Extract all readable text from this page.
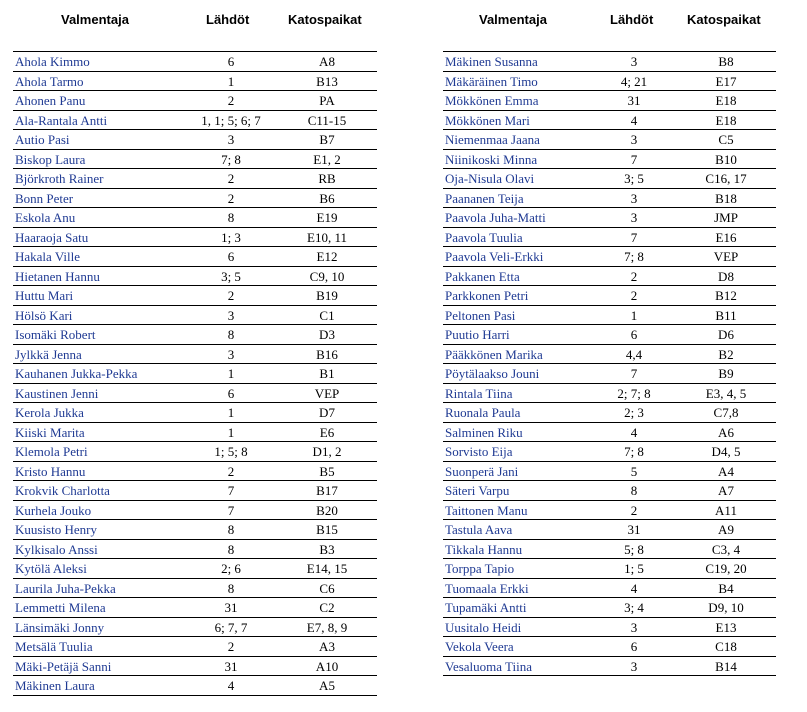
Valmentaja	Lähdöt	Katospaikat
Ahola Kimmo	6	A8
Ahola Tarmo	1	B13
Ahonen Panu	2	PA
Ala-Rantala Antti	1, 1; 5; 6; 7	C11-15
Autio Pasi	3	B7
Biskop Laura	7; 8	E1, 2
Björkroth Rainer	2	RB
Bonn Peter	2	B6
Eskola Anu	8	E19
Haaraoja Satu	1; 3	E10, 11
Hakala Ville	6	E12
Hietanen Hannu	3; 5	C9, 10
Huttu Mari	2	B19
Hölsö Kari	3	C1
Isomäki Robert	8	D3
Jylkkä Jenna	3	B16
Kauhanen Jukka-Pekka	1	B1
Kaustinen Jenni	6	VEP
Kerola Jukka	1	D7
Kiiski Marita	1	E6
Klemola Petri	1; 5; 8	D1, 2
Kristo Hannu	2	B5
Krokvik Charlotta	7	B17
Kurhela Jouko	7	B20
Kuusisto Henry	8	B15
Kylkisalo Anssi	8	B3
Kytölä Aleksi	2; 6	E14, 15
Laurila Juha-Pekka	8	C6
Lemmetti Milena	31	C2
Länsimäki Jonny	6; 7, 7	E7, 8, 9
Metsälä Tuulia	2	A3
Mäki-Petäjä Sanni	31	A10
Mäkinen Laura	4	A5
Valmentaja	Lähdöt	Katospaikat
Mäkinen Susanna	3	B8
Mäkäräinen Timo	4; 21	E17
Mökkönen Emma	31	E18
Mökkönen Mari	4	E18
Niemenmaa Jaana	3	C5
Niinikoski Minna	7	B10
Oja-Nisula Olavi	3; 5	C16, 17
Paananen Teija	3	B18
Paavola Juha-Matti	3	JMP
Paavola Tuulia	7	E16
Paavola Veli-Erkki	7; 8	VEP
Pakkanen Etta	2	D8
Parkkonen Petri	2	B12
Peltonen Pasi	1	B11
Puutio Harri	6	D6
Pääkkönen Marika	4,4	B2
Pöytälaakso Jouni	7	B9
Rintala Tiina	2; 7; 8	E3, 4, 5
Ruonala Paula	2; 3	C7,8
Salminen Riku	4	A6
Sorvisto Eija	7; 8	D4, 5
Suonperä Jani	5	A4
Säteri Varpu	8	A7
Taittonen Manu	2	A11
Tastula Aava	31	A9
Tikkala Hannu	5; 8	C3, 4
Torppa Tapio	1; 5	C19, 20
Tuomaala Erkki	4	B4
Tupamäki Antti	3; 4	D9, 10
Uusitalo Heidi	3	E13
Vekola Veera	6	C18
Vesaluoma Tiina	3	B14
